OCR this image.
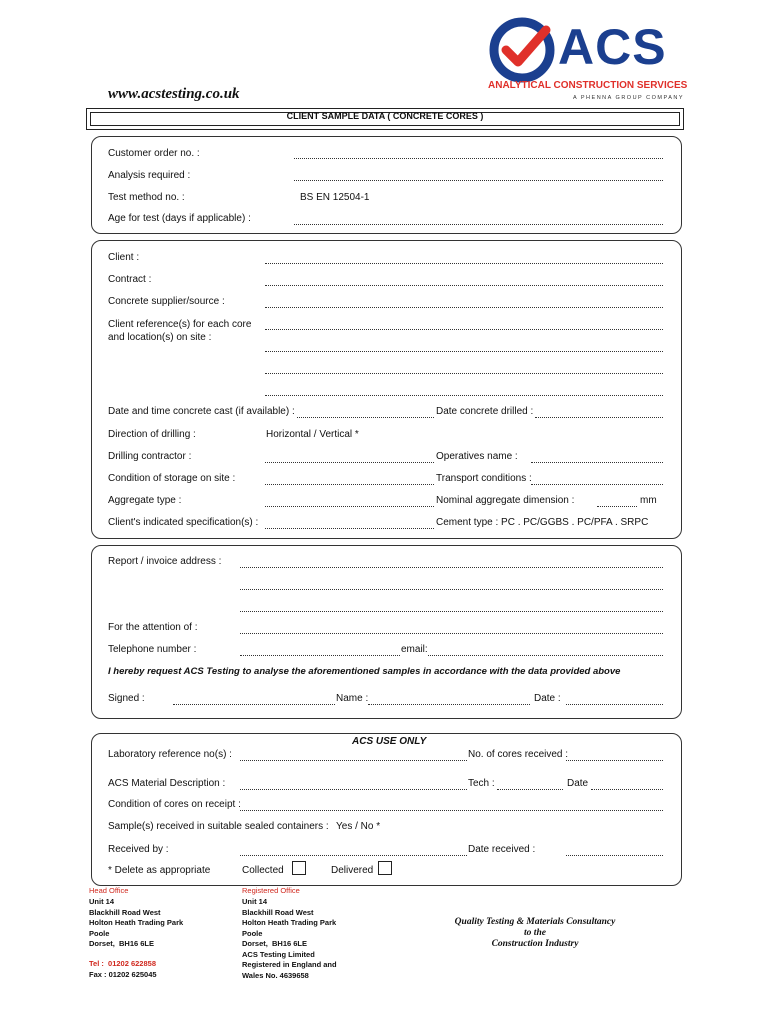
www.acstesting.co.uk
ACS
ANALYTICAL CONSTRUCTION SERVICES
A PHENNA GROUP COMPANY
CLIENT SAMPLE DATA ( CONCRETE CORES )
Customer order no. :
Analysis required :
Test method no. :	BS EN 12504-1
Age for test (days if applicable) :
Client :
Contract :
Concrete supplier/source :
Client reference(s) for each core
and location(s) on site :
Date and time concrete cast (if available) :	Date concrete drilled :
Direction of drilling :	Horizontal / Vertical *
Drilling contractor :	Operatives name :
Condition of storage on site :	Transport conditions :
Aggregate type :	Nominal aggregate dimension :	mm
Client's indicated specification(s) :	Cement type : PC . PC/GGBS . PC/PFA . SRPC
Report / invoice address :
For the attention of :
Telephone number :	email:
I hereby request ACS Testing to analyse the aforementioned samples in accordance with the data provided above
Signed :	Name :	Date :
ACS USE ONLY
Laboratory reference no(s) :	No. of cores received :
ACS Material Description :	Tech :	Date
Condition of cores on receipt :
Sample(s) received in suitable sealed containers : Yes / No *
Received by :	Date received :
* Delete as appropriate	Collected	Delivered
Head Office
Unit 14
Blackhill Road West
Holton Heath Trading Park
Poole
Dorset,  BH16 6LE
Tel :  01202 622858
Fax : 01202 625045
Registered Office
Unit 14
Blackhill Road West
Holton Heath Trading Park
Poole
Dorset,  BH16 6LE
ACS Testing Limited
Registered in England and
Wales No. 4639658
Quality Testing & Materials Consultancy
to the
Construction Industry
